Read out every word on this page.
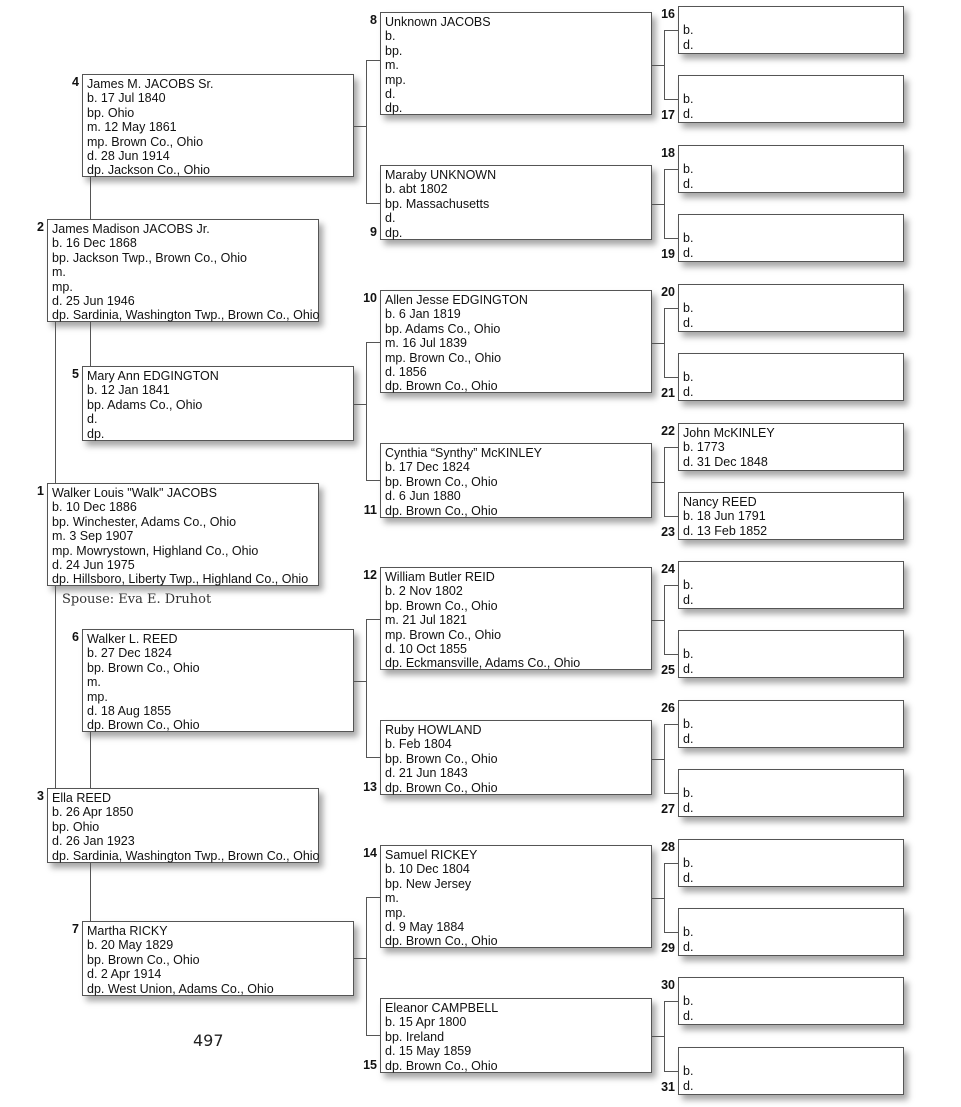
Walker Louis "Walk" JACOBS
b. 10 Dec 1886
bp. Winchester, Adams Co., Ohio
m. 3 Sep 1907
mp. Mowrystown, Highland Co., Ohio
d. 24 Jun 1975
dp. Hillsboro, Liberty Twp., Highland Co., Ohio
1
James Madison JACOBS Jr.
b. 16 Dec 1868
bp. Jackson Twp., Brown Co., Ohio
m.
mp.
d. 25 Jun 1946
dp. Sardinia, Washington Twp., Brown Co., Ohio
2
Ella REED
b. 26 Apr 1850
bp. Ohio
d. 26 Jan 1923
dp. Sardinia, Washington Twp., Brown Co., Ohio
3
James M. JACOBS Sr.
b. 17 Jul 1840
bp. Ohio
m. 12 May 1861
mp. Brown Co., Ohio
d. 28 Jun 1914
dp. Jackson Co., Ohio
4
Mary Ann EDGINGTON
b. 12 Jan 1841
bp. Adams Co., Ohio
d.
dp.
5
Walker L. REED
b. 27 Dec 1824
bp. Brown Co., Ohio
m.
mp.
d. 18 Aug 1855
dp. Brown Co., Ohio
6
Martha RICKY
b. 20 May 1829
bp. Brown Co., Ohio
d. 2 Apr 1914
dp. West Union, Adams Co., Ohio
7
Unknown JACOBS
b.
bp.
m.
mp.
d.
dp.
8
Maraby UNKNOWN
b. abt 1802
bp. Massachusetts
d.
dp.
9
Allen Jesse EDGINGTON
b. 6 Jan 1819
bp. Adams Co., Ohio
m. 16 Jul 1839
mp. Brown Co., Ohio
d. 1856
dp. Brown Co., Ohio
10
Cynthia “Synthy” McKINLEY
b. 17 Dec 1824
bp. Brown Co., Ohio
d. 6 Jun 1880
dp. Brown Co., Ohio
11
William Butler REID
b. 2 Nov 1802
bp. Brown Co., Ohio
m. 21 Jul 1821
mp. Brown Co., Ohio
d. 10 Oct 1855
dp. Eckmansville, Adams Co., Ohio
12
Ruby HOWLAND
b. Feb 1804
bp. Brown Co., Ohio
d. 21 Jun 1843
dp. Brown Co., Ohio
13
Samuel RICKEY
b. 10 Dec 1804
bp. New Jersey
m.
mp.
d. 9 May 1884
dp. Brown Co., Ohio
14
Eleanor CAMPBELL
b. 15 Apr 1800
bp. Ireland
d. 15 May 1859
dp. Brown Co., Ohio
15

b.
d.
16

b.
d.
17

b.
d.
18

b.
d.
19

b.
d.
20

b.
d.
21
John McKINLEY
b. 1773
d. 31 Dec 1848
22
Nancy REED
b. 18 Jun 1791
d. 13 Feb 1852
23

b.
d.
24

b.
d.
25

b.
d.
26

b.
d.
27

b.
d.
28

b.
d.
29

b.
d.
30

b.
d.
31
Spouse: Eva E. Druhot
497
